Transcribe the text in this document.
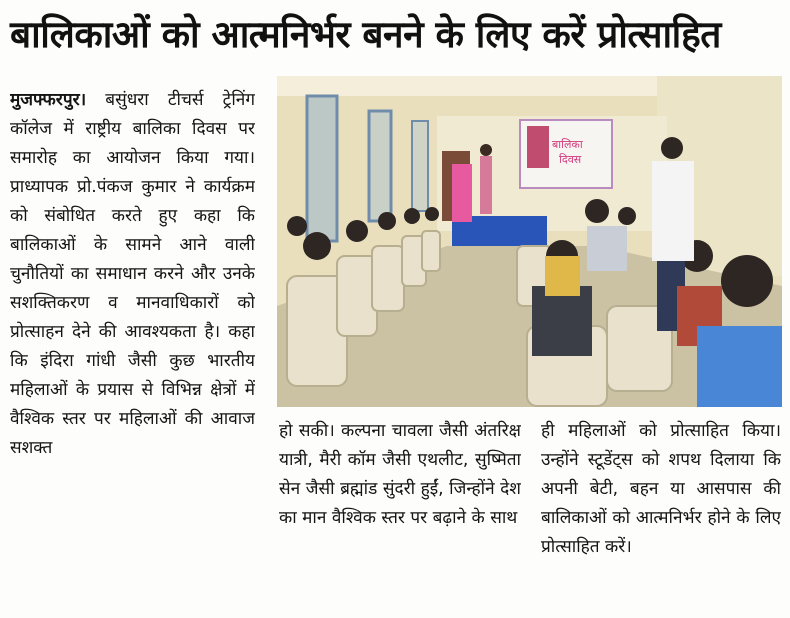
बालिकाओं को आत्मनिर्भर बनने के लिए करें प्रोत्साहित
मुजफ्फरपुर। बसुंधरा टीचर्स ट्रेनिंग कॉलेज में राष्ट्रीय बालिका दिवस पर समारोह का आयोजन किया गया। प्राध्यापक प्रो.पंकज कुमार ने कार्यक्रम को संबोधित करते हुए कहा कि बालिकाओं के सामने आने वाली चुनौतियों का समाधान करने और उनके सशक्तिकरण व मानवाधिकारों को प्रोत्साहन देने की आवश्यकता है। कहा कि इंदिरा गांधी जैसी कुछ भारतीय महिलाओं के प्रयास से विभिन्न क्षेत्रों में वैश्विक स्तर पर महिलाओं की आवाज सशक्त
बालिका
दिवस
हो सकी। कल्पना चावला जैसी अंतरिक्ष यात्री, मैरी कॉम जैसी एथलीट, सुष्मिता सेन जैसी ब्रह्मांड सुंदरी हुईं, जिन्होंने देश का मान वैश्विक स्तर पर बढ़ाने के साथ
ही महिलाओं को प्रोत्साहित किया। उन्होंने स्टूडेंट्स को शपथ दिलाया कि अपनी बेटी, बहन या आसपास की बालिकाओं को आत्मनिर्भर होने के लिए प्रोत्साहित करें।
